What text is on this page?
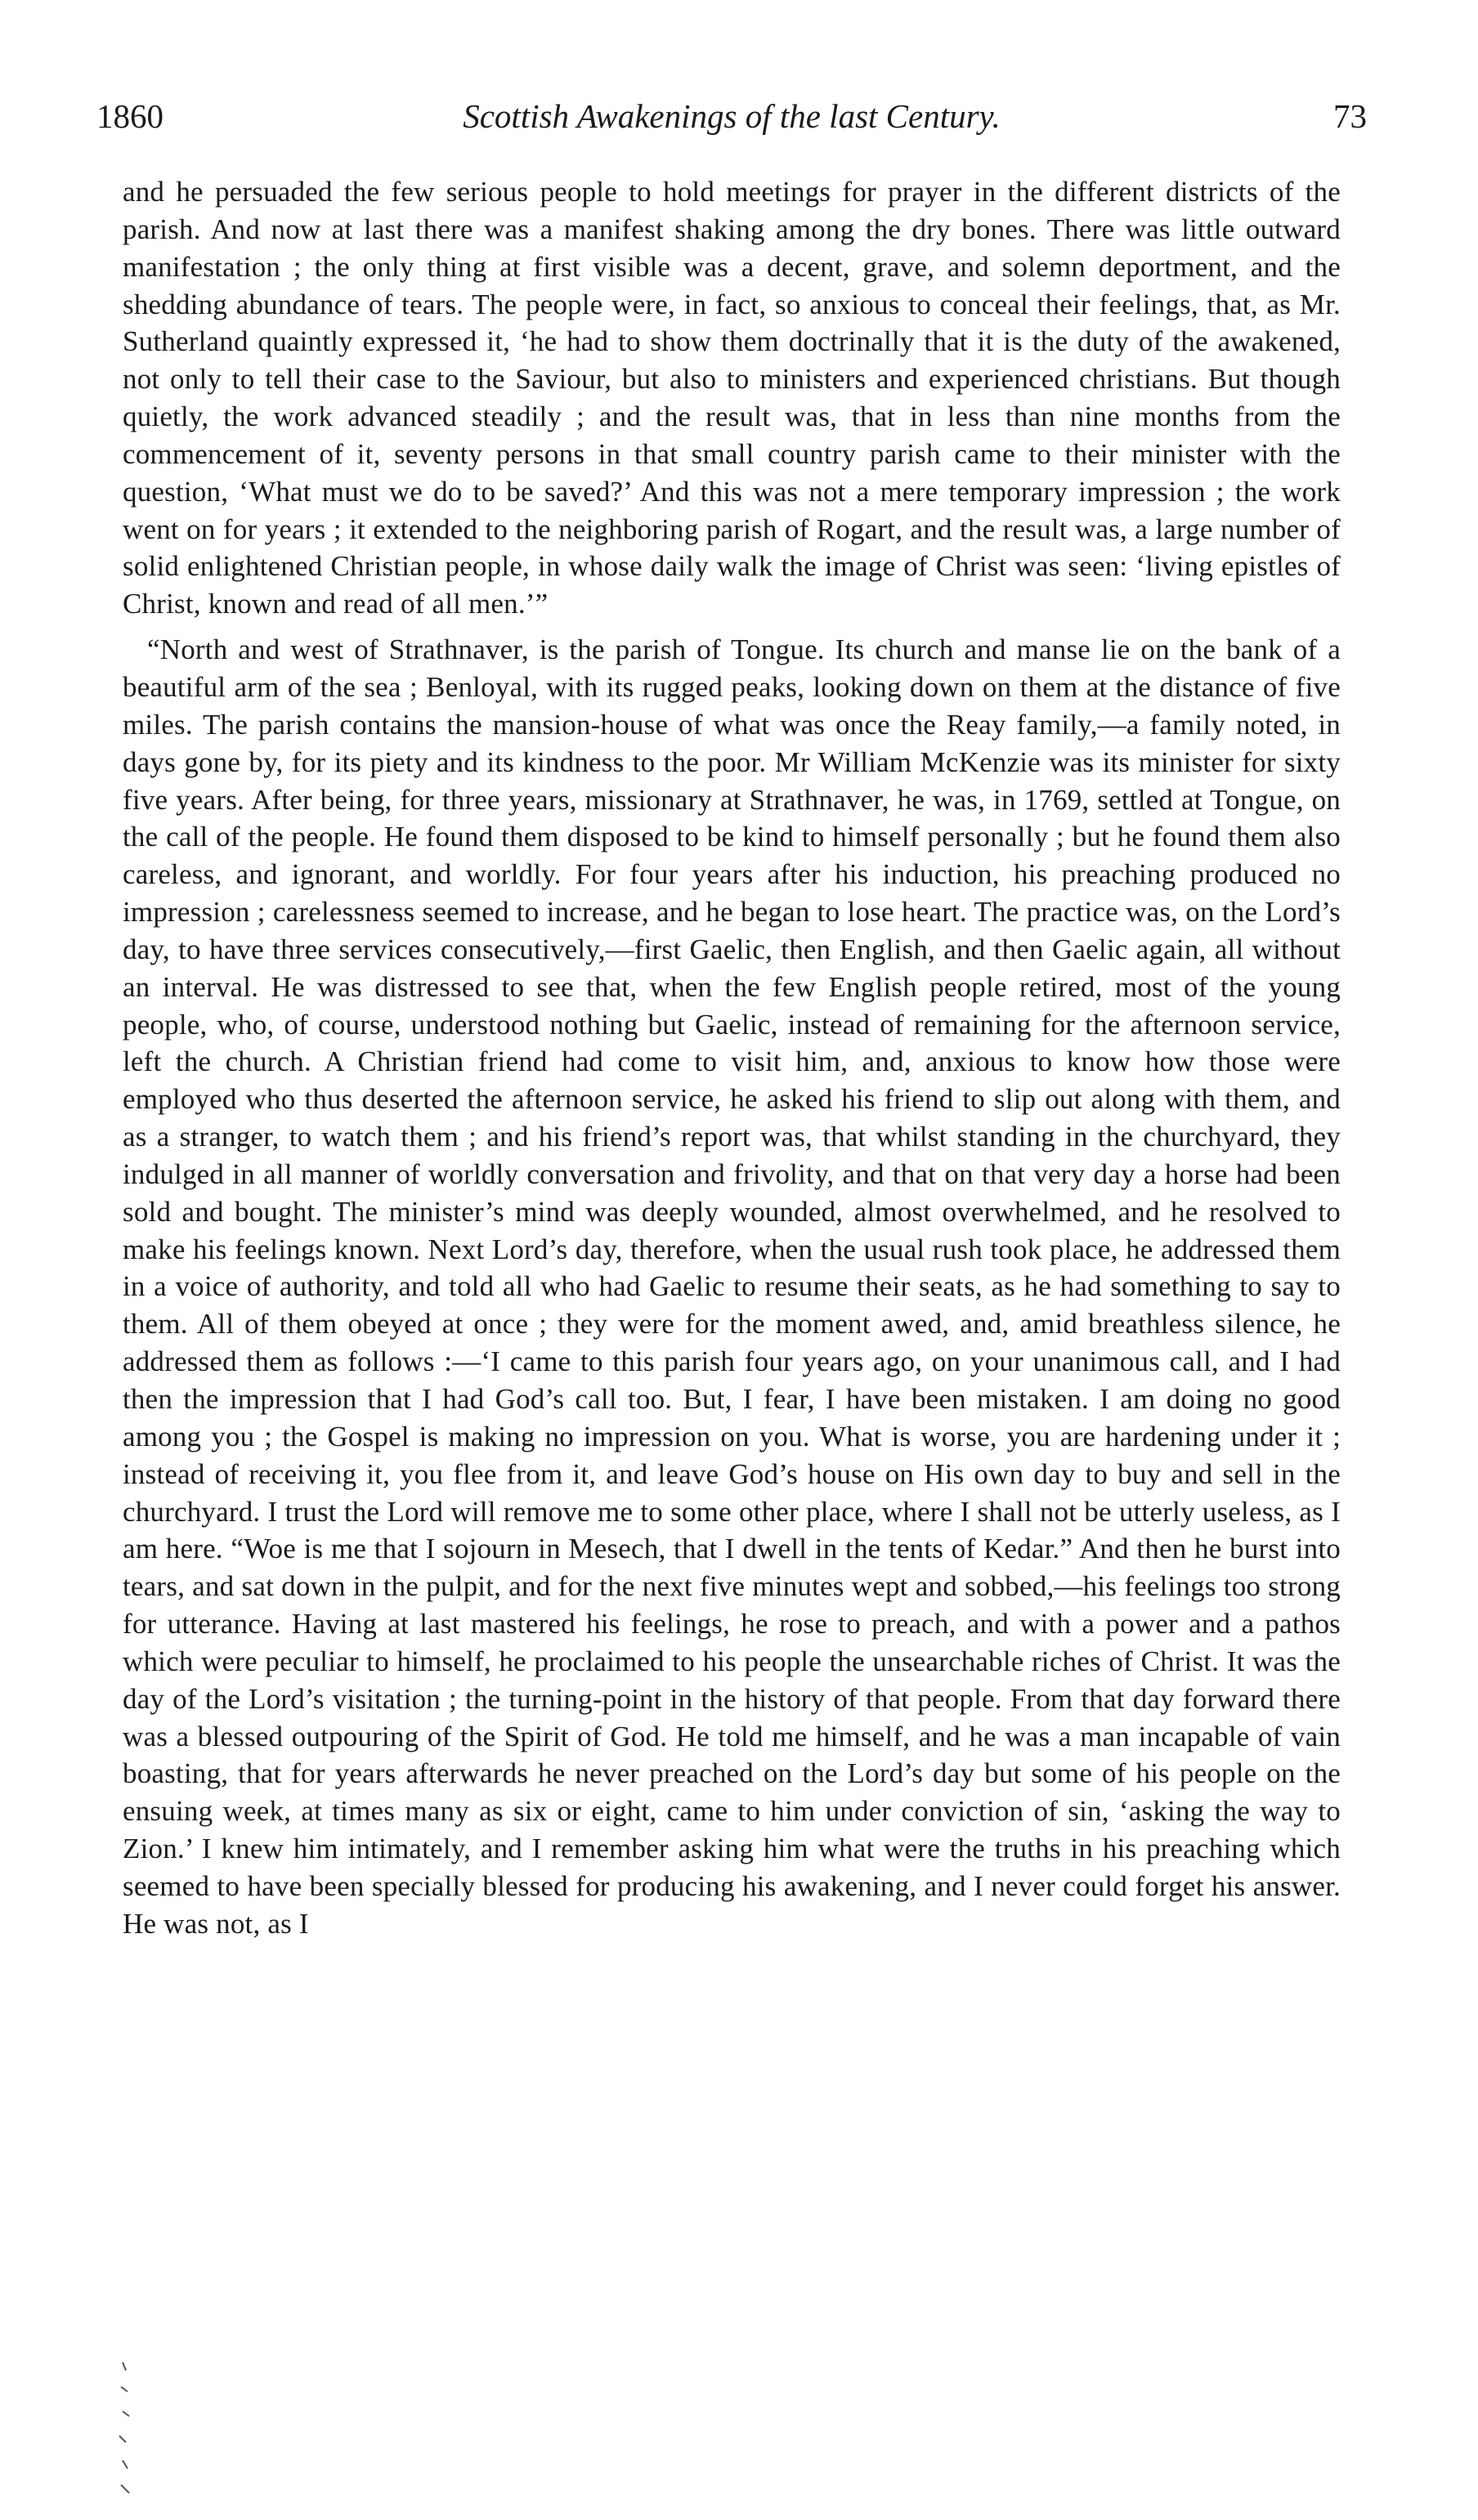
1860	Scottish Awakenings of the last Century.	73

and he persuaded the few serious people to hold meetings for prayer in the different districts of the parish. And now at last there was a manifest shaking among the dry bones. There was little outward manifestation ; the only thing at first visible was a decent, grave, and solemn deportment, and the shedding abundance of tears. The people were, in fact, so anxious to conceal their feelings, that, as Mr. Sutherland quaintly expressed it, ‘he had to show them doctrinally that it is the duty of the awakened, not only to tell their case to the Saviour, but also to ministers and experienced christians. But though quietly, the work advanced steadily ; and the result was, that in less than nine months from the commencement of it, seventy persons in that small country parish came to their minister with the question, ‘What must we do to be saved?’ And this was not a mere temporary impression ; the work went on for years ; it extended to the neighboring parish of Rogart, and the result was, a large number of solid enlightened Christian people, in whose daily walk the image of Christ was seen: ‘living epistles of Christ, known and read of all men.’”

“North and west of Strathnaver, is the parish of Tongue. Its church and manse lie on the bank of a beautiful arm of the sea ; Benloyal, with its rugged peaks, looking down on them at the distance of five miles. The parish contains the mansion-house of what was once the Reay family,—a family noted, in days gone by, for its piety and its kindness to the poor. Mr William McKenzie was its minister for sixty five years. After being, for three years, missionary at Strathnaver, he was, in 1769, settled at Tongue, on the call of the people. He found them disposed to be kind to himself personally ; but he found them also careless, and ignorant, and worldly. For four years after his induction, his preaching produced no impression ; carelessness seemed to increase, and he began to lose heart. The practice was, on the Lord’s day, to have three services consecutively,—first Gaelic, then English, and then Gaelic again, all without an interval. He was distressed to see that, when the few English people retired, most of the young people, who, of course, understood nothing but Gaelic, instead of remaining for the afternoon service, left the church. A Christian friend had come to visit him, and, anxious to know how those were employed who thus deserted the afternoon service, he asked his friend to slip out along with them, and as a stranger, to watch them ; and his friend’s report was, that whilst standing in the churchyard, they indulged in all manner of worldly conversation and frivolity, and that on that very day a horse had been sold and bought. The minister’s mind was deeply wounded, almost overwhelmed, and he resolved to make his feelings known. Next Lord’s day, therefore, when the usual rush took place, he addressed them in a voice of authority, and told all who had Gaelic to resume their seats, as he had something to say to them. All of them obeyed at once ; they were for the moment awed, and, amid breathless silence, he addressed them as follows :—‘I came to this parish four years ago, on your unanimous call, and I had then the impression that I had God’s call too. But, I fear, I have been mistaken. I am doing no good among you ; the Gospel is making no impression on you. What is worse, you are hardening under it ; instead of receiving it, you flee from it, and leave God’s house on His own day to buy and sell in the churchyard. I trust the Lord will remove me to some other place, where I shall not be utterly useless, as I am here. “Woe is me that I sojourn in Mesech, that I dwell in the tents of Kedar.” And then he burst into tears, and sat down in the pulpit, and for the next five minutes wept and sobbed,—his feelings too strong for utterance. Having at last mastered his feelings, he rose to preach, and with a power and a pathos which were peculiar to himself, he proclaimed to his people the unsearchable riches of Christ. It was the day of the Lord’s visitation ; the turning-point in the history of that people. From that day forward there was a blessed outpouring of the Spirit of God. He told me himself, and he was a man incapable of vain boasting, that for years afterwards he never preached on the Lord’s day but some of his people on the ensuing week, at times many as six or eight, came to him under conviction of sin, ‘asking the way to Zion.’ I knew him intimately, and I remember asking him what were the truths in his preaching which seemed to have been specially blessed for producing his awakening, and I never could forget his answer. He was not, as I
